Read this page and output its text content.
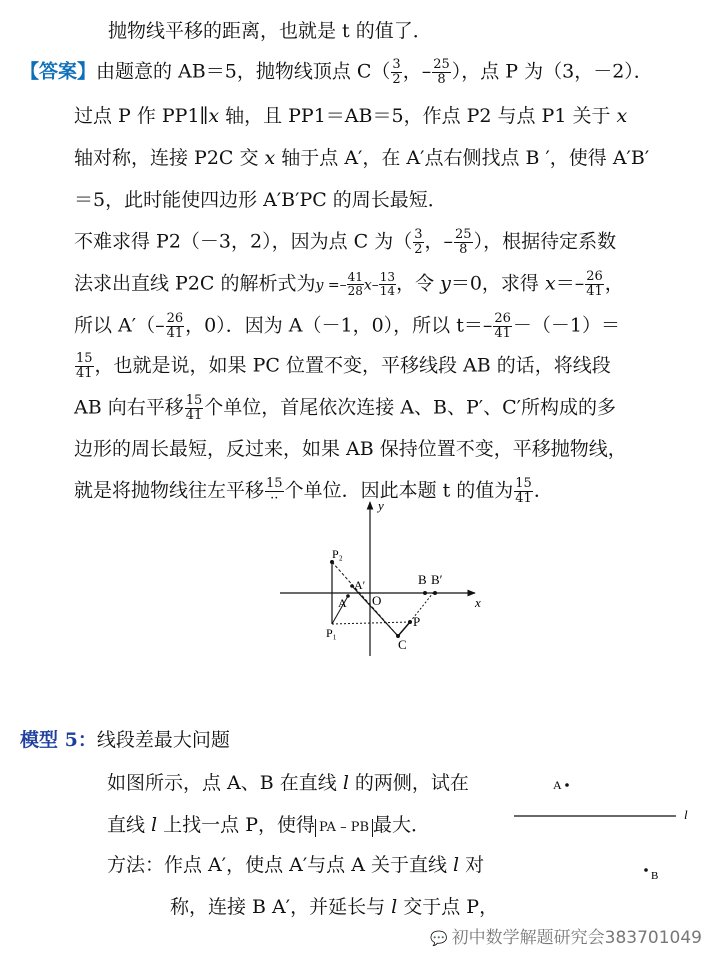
抛物线平移的距离，也就是 t 的值了．
【答案】由题意的 AB＝5，抛物线顶点 $C( \frac{3}{2}$ ，– $\frac{25}{8}$ ），点 P 为（3，－2）．
过点 P 作 PP1∥x 轴，且 PP1＝AB＝5，作点 P2 与点 P1 关于 x
轴对称，连接 P2C 交 x 轴于点 A′，在 A′点右侧找点 B ′，使得 A′B′
＝5，此时能使四边形 A′B′PC 的周长最短．
不难求得 P2（－3，2），因为点 C 为（ $\frac{3}{2}$ ，– $\frac{25}{8}$ ），根据待定系数
法求出直线 P2C 的解析式为$y =- \frac{41}{28} x- \frac{13}{14}$ ，令 y＝0，求得 $x=- \frac{26}{41}$ ，
所以 $A'(- \frac{26}{41}$ ，0）．因为 A（－1，0），所以 $t=- \frac{26}{41} -(-1)=$
$\frac{15}{41}$ ，也就是说，如果 PC 位置不变，平移线段 AB 的话，将线段
AB 向右平移 $\frac{15}{41}$ 个单位，首尾依次连接 A、B、P′、C′所构成的多
边形的周长最短，反过来，如果 AB 保持位置不变，平移抛物线，
就是将抛物线往左平移 15
·· 个单位．因此本题 t 的值为 $\frac{15}{41}$ ．
y
x
P₂
A′
A O
B B′
P
P₁
C
模型 5：线段差最大问题
如图所示，点 A、B 在直线 l 的两侧，试在
直线 l 上找一点 P，使得 PA – PB 最大．
方法：作点 A′，使点 A′与点 A 关于直线 l 对
称，连接 B A′，并延长与 l 交于点 P，
A
l
B
💬 初中数学解题研究会383701049
